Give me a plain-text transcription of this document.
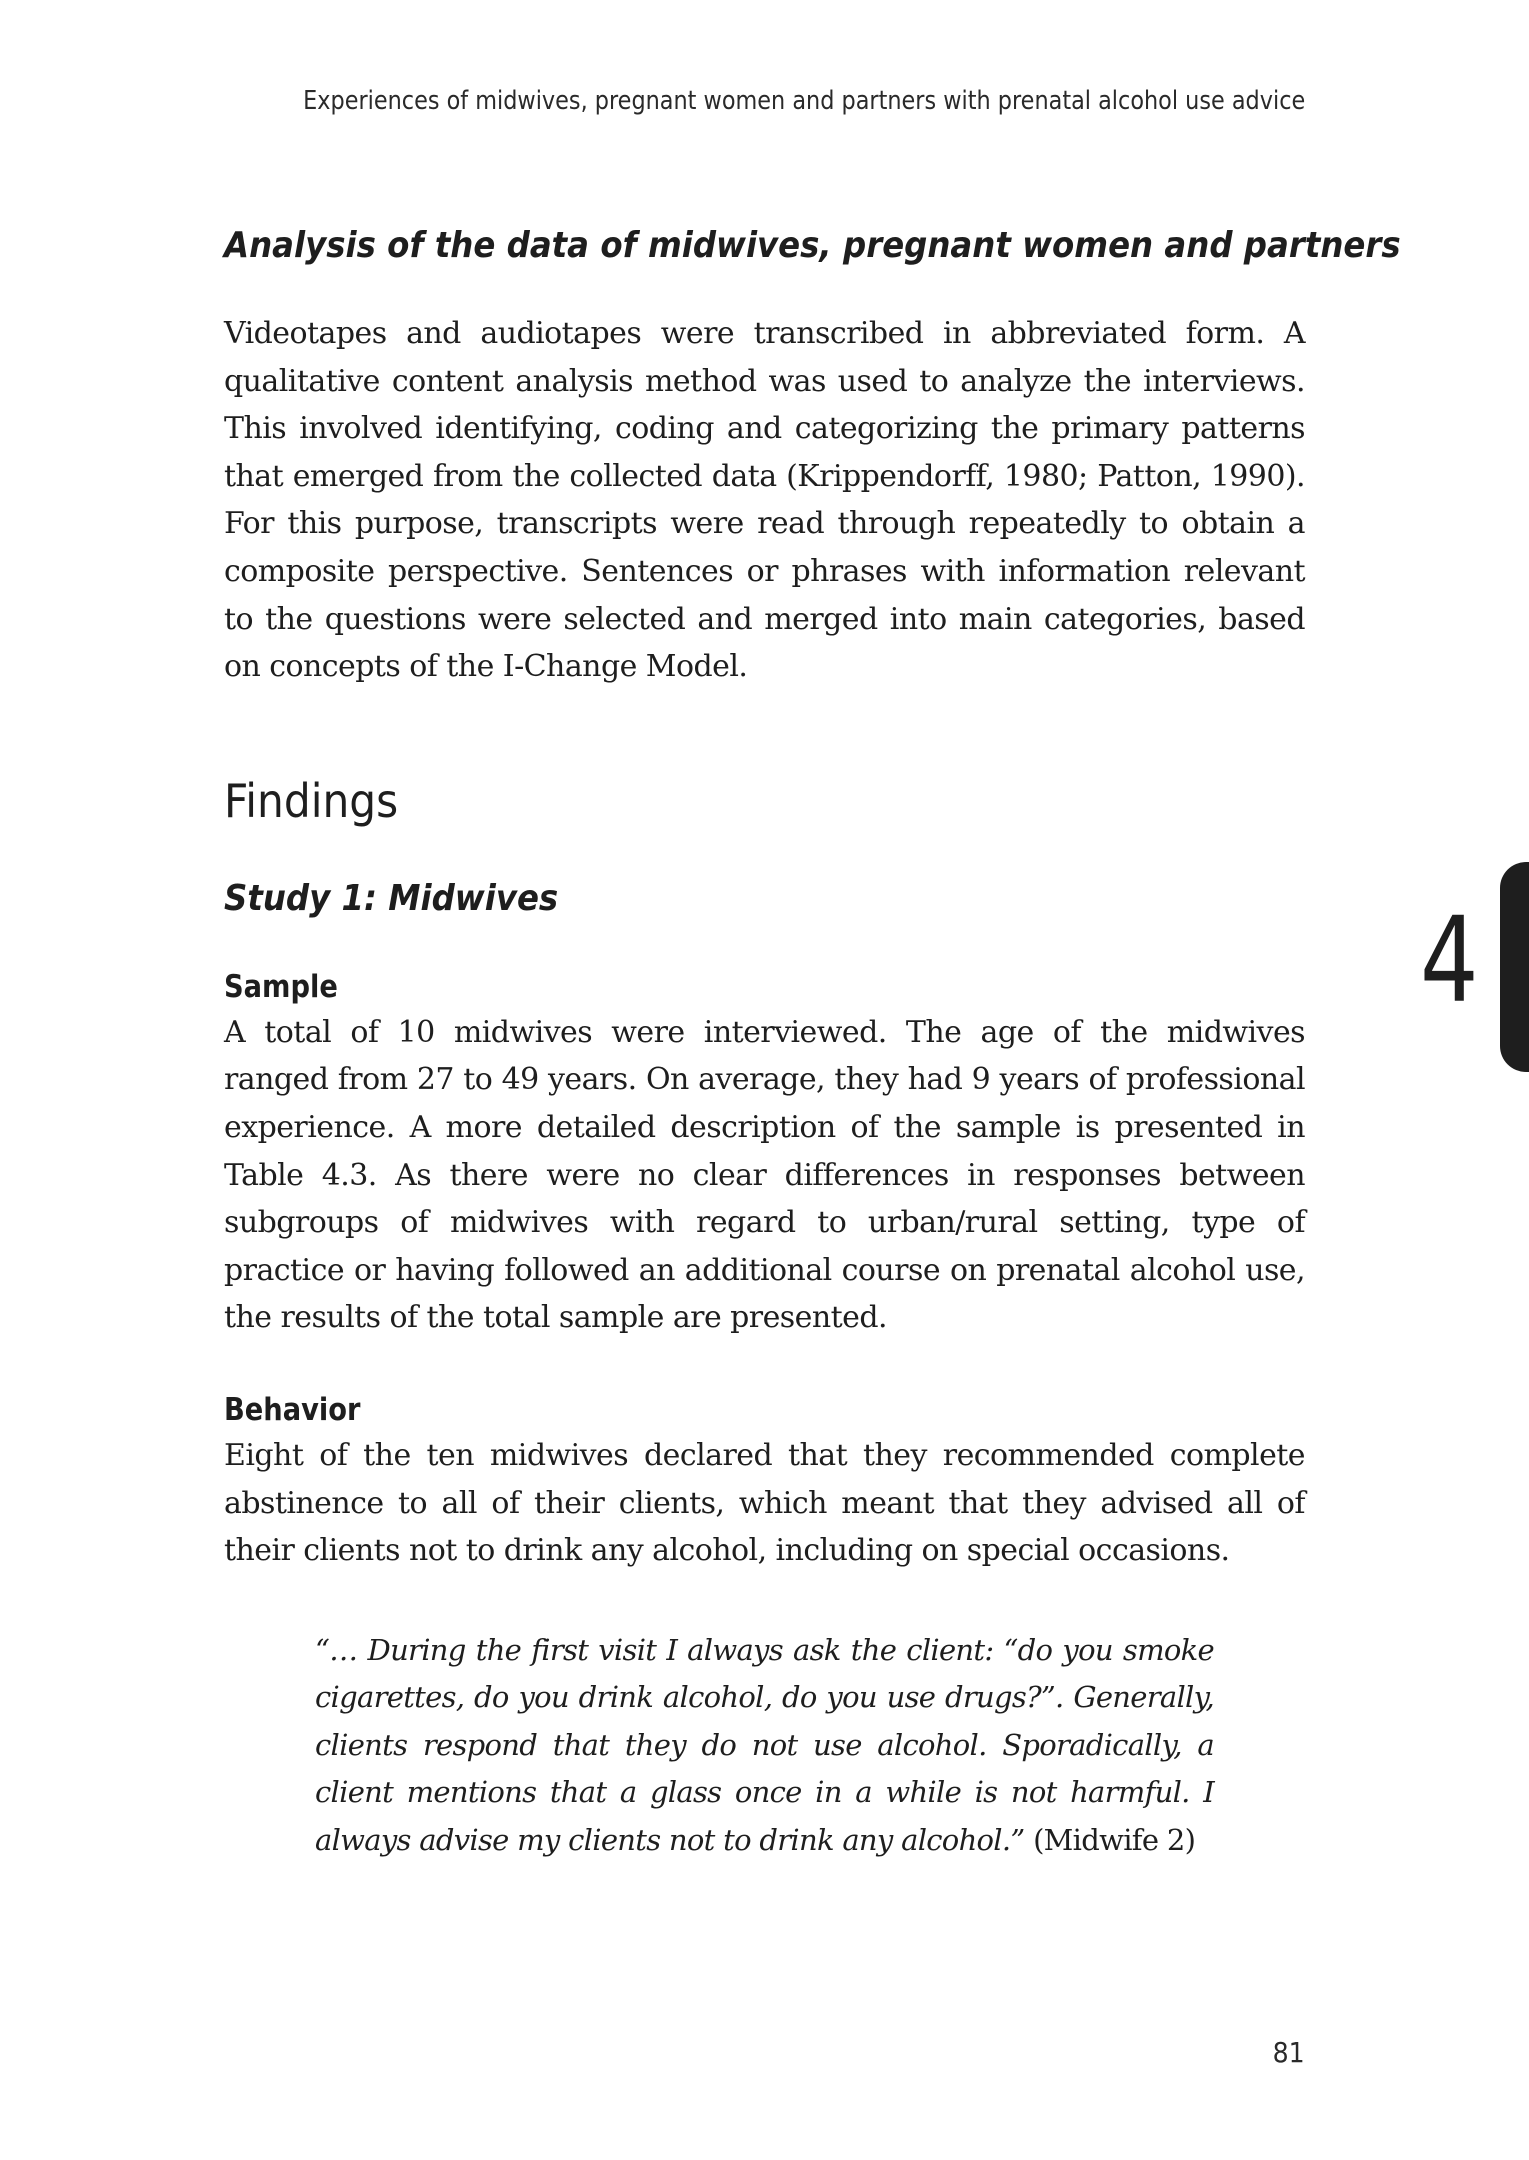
Experiences of midwives, pregnant women and partners with prenatal alcohol use advice
Analysis of the data of midwives, pregnant women and partners

Videotapes and audiotapes were transcribed in abbreviated form. A qualitative content analysis method was used to analyze the interviews. This involved identifying, coding and categorizing the primary patterns that emerged from the collected data (Krippendorff, 1980; Patton, 1990). For this purpose, transcripts were read through repeatedly to obtain a composite perspective. Sentences or phrases with information relevant to the questions were selected and merged into main categories, based on concepts of the I-Change Model.

Findings
Study 1: Midwives
Sample

A total of 10 midwives were interviewed. The age of the midwives ranged from 27 to 49 years. On average, they had 9 years of professional experience. A more detailed description of the sample is presented in Table 4.3. As there were no clear differences in responses between subgroups of midwives with regard to urban/rural setting, type of practice or having followed an additional course on prenatal alcohol use, the results of the total sample are presented.

Behavior

Eight of the ten midwives declared that they recommended complete abstinence to all of their clients, which meant that they advised all of their clients not to drink any alcohol, including on special occasions.

“… During the first visit I always ask the client: “do you smoke cigarettes, do you drink alcohol, do you use drugs?”. Generally, clients respond that they do not use alcohol. Sporadically, a client mentions that a glass once in a while is not harmful. I always advise my clients not to drink any alcohol.” (Midwife 2)
4
81
